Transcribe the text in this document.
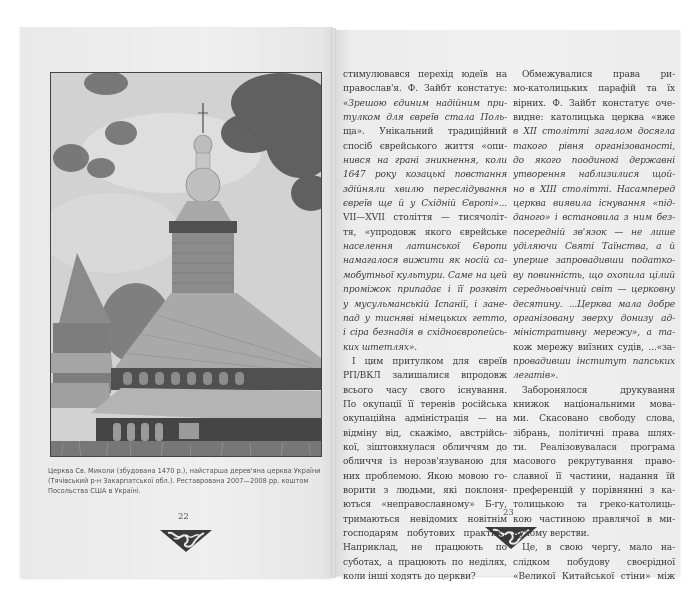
Церква Св. Миколи (збудована 1470 р.), найстарша дерев'яна церква України
(Тячівський р-н Закарпатської обл.). Реставрована 2007—2008 рр. коштом
Посольства США в Україні.
22	23
стимулювався перехід юдеїв на
православ'я. Ф. Зайбт констатує:
«Зрешою єдиним надійним при-
тулком для євреїв стала Поль-
ща». Унікальний традиційний
спосіб єврейського життя «опи-
нився на грані зникнення, коли
1647 року козацькі повстання
здійняли хвилю переслідування
євреїв ще й у Східній Європі»...
VII—XVII століття — тисячоліт-
тя, «упродовж якого єврейське
населення латинської Європи
намагалося вижити як носій са-
мобутньої культури. Саме на цей
проміжок припадає і її розквіт
у мусульманській Іспанії, і зане-
пад у тисняві німецьких гетто,
і сіра безнадія в східноєвропейсь-
ких штетлях».
 І цим притулком для євреїв
РП/ВКЛ залишалися впродовж
всього часу свого існування.
По окупації її теренів російська
окупаційна адміністрація — на
відміну від, скажімо, австрійсь-
кої, зіштовхнулася обличчям до
обличчя із нерозв'язуваною для
них проблемою. Якою мовою го-
ворити з людьми, які поклоня-
ються «неправославному» Б-гу,
тримаються невідомих новітнім
господарям побутових практик?
Наприклад, не працюють по
суботах, а працюють по неділях,
коли інші ходять до церкви?
 Обмежувалися права ри-
мо-католицьких парафій та їх
вірних. Ф. Зайбт констатує оче-
видне: католицька церква «вже
в XII столітті загалом досягла
такого рівня організованості,
до якого поодинокі державні
утворення наблизилися щой-
но в XIII столітті. Насамперед
церква виявила існування «під-
даного» і встановила з ним без-
посередній зв'язок — не лише
уділяючи Святі Таїнства, а й
уперше запровадивши податко-
ву повинність, що охопила цілий
середньовічний світ — церковну
десятину. ...Церква мала добре
організовану зверху донизу ад-
міністративну мережу», а та-
кож мережу виїзних судів, ...«за-
провадивши інститут папських
легатів».
 Заборонялося друкування
книжок національними мова-
ми. Скасовано свободу слова,
зібрань, політичні права шлях-
ти. Реалізовувалася програма
масового рекрутування право-
славної її частини, надання їй
преференцій у порівнянні з ка-
толицькою та греко-католиць-
кою частиною правлячої в ми-
нулому верстви.
 Це, в свою чергу, мало на-
слідком побудову своєрідної
«Великої Китайської стіни» між
